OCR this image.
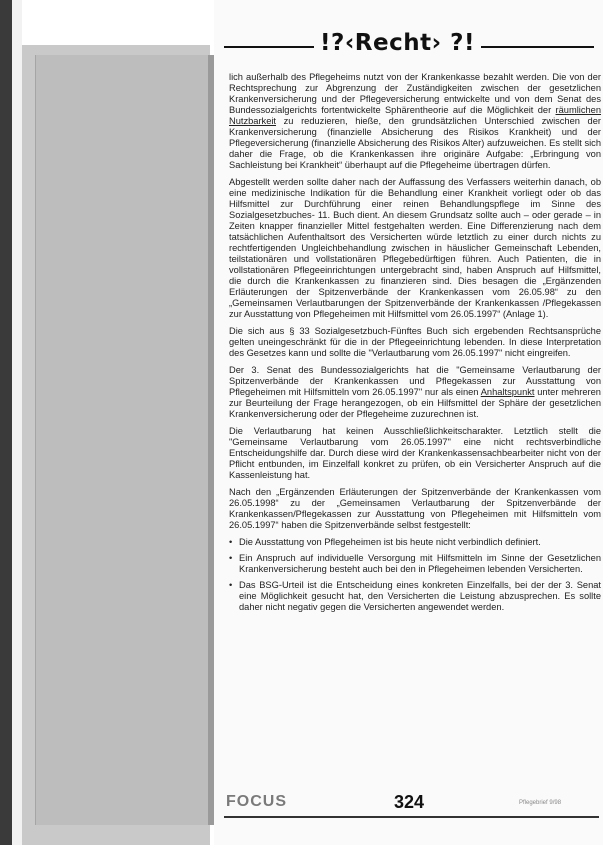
!?‹Recht› ?!

lich außerhalb des Pflegeheims nutzt von der Krankenkasse bezahlt werden. Die von der Rechtsprechung zur Abgrenzung der Zuständigkeiten zwischen der gesetzlichen Krankenversicherung und der Pflegeversicherung entwickelte und von dem Senat des Bundessozialgerichts fortentwickelte Sphärentheorie auf die Möglichkeit der räumlichen Nutzbarkeit zu reduzieren, hieße, den grundsätzlichen Unterschied zwischen der Krankenversicherung (finanzielle Absicherung des Risikos Krankheit) und der Pflegeversicherung (finanzielle Absicherung des Risikos Alter) aufzuweichen. Es stellt sich daher die Frage, ob die Krankenkassen ihre originäre Aufgabe: „Erbringung von Sachleistung bei Krankheit“ überhaupt auf die Pflegeheime übertragen dürfen.

Abgestellt werden sollte daher nach der Auffassung des Verfassers weiterhin danach, ob eine medizinische Indikation für die Behandlung einer Krankheit vorliegt oder ob das Hilfsmittel zur Durchführung einer reinen Behandlungspflege im Sinne des Sozialgesetzbuches- 11. Buch dient. An diesem Grundsatz sollte auch – oder gerade – in Zeiten knapper finanzieller Mittel festgehalten werden. Eine Differenzierung nach dem tatsächlichen Aufenthaltsort des Versicherten würde letztlich zu einer durch nichts zu rechtfertigenden Ungleichbehandlung zwischen in häuslicher Gemeinschaft Lebenden, teilstationären und vollstationären Pflegebedürftigen führen. Auch Patienten, die in vollstationären Pflegeeinrichtungen untergebracht sind, haben Anspruch auf Hilfsmittel, die durch die Krankenkassen zu finanzieren sind. Dies besagen die „Ergänzenden Erläuterungen der Spitzenverbände der Krankenkassen vom 26.05.98“ zu den „Gemeinsamen Verlautbarungen der Spitzenverbände der Krankenkassen /Pflegekassen zur Ausstattung von Pflegeheimen mit Hilfsmittel vom 26.05.1997“ (Anlage 1).

Die sich aus § 33 Sozialgesetzbuch-Fünftes Buch sich ergebenden Rechtsansprüche gelten uneingeschränkt für die in der Pflegeeinrichtung lebenden. In diese Interpretation des Gesetzes kann und sollte die "Verlautbarung vom 26.05.1997" nicht eingreifen.

Der 3. Senat des Bundessozialgerichts hat die "Gemeinsame Verlautbarung der Spitzenverbände der Krankenkassen und Pflegekassen zur Ausstattung von Pflegeheimen mit Hilfsmitteln vom 26.05.1997" nur als einen Anhaltspunkt unter mehreren zur Beurteilung der Frage herangezogen, ob ein Hilfsmittel der Sphäre der gesetzlichen Krankenversicherung oder der Pflegeheime zuzurechnen ist.

Die Verlautbarung hat keinen Ausschließlichkeitscharakter. Letztlich stellt die "Gemeinsame Verlautbarung vom 26.05.1997" eine nicht rechtsverbindliche Entscheidungshilfe dar. Durch diese wird der Krankenkassensachbearbeiter nicht von der Pflicht entbunden, im Einzelfall konkret zu prüfen, ob ein Versicherter Anspruch auf die Kassenleistung hat.

Nach den „Ergänzenden Erläuterungen der Spitzenverbände der Krankenkassen vom 26.05.1998“ zu der „Gemeinsamen Verlautbarung der Spitzenverbände der Krankenkassen/Pflegekassen zur Ausstattung von Pflegeheimen mit Hilfsmitteln vom 26.05.1997“ haben die Spitzenverbände selbst festgestellt:

• Die Ausstattung von Pflegeheimen ist bis heute nicht verbindlich definiert.
• Ein Anspruch auf individuelle Versorgung mit Hilfsmitteln im Sinne der Gesetzlichen Krankenversicherung besteht auch bei den in Pflegeheimen lebenden Versicherten.
• Das BSG-Urteil ist die Entscheidung eines konkreten Einzelfalls, bei der der 3. Senat eine Möglichkeit gesucht hat, den Versicherten die Leistung abzusprechen. Es sollte daher nicht negativ gegen die Versicherten angewendet werden.
FOCUS	324	Pflegebrief 9/98
